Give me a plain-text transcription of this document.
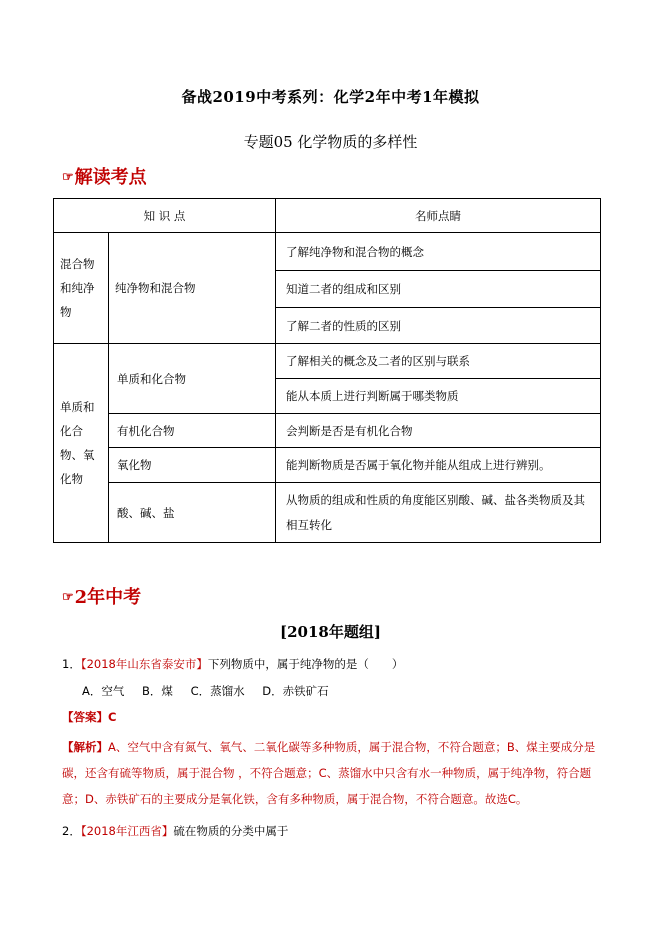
备战2019中考系列：化学2年中考1年模拟
专题05 化学物质的多样性
☞解读考点
知 识 点		名师点睛
混合物和纯净物	纯净物和混合物	了解纯净物和混合物的概念
		知道二者的组成和区别
		了解二者的性质的区别
单质和化合物、氧化物	单质和化合物	了解相关的概念及二者的区别与联系
		能从本质上进行判断属于哪类物质
	有机化合物	会判断是否是有机化合物
	氧化物	能判断物质是否属于氧化物并能从组成上进行辨别。
	酸、碱、盐	从物质的组成和性质的角度能区别酸、碱、盐各类物质及其相互转化
☞2年中考
[2018年题组]
1．【2018年山东省泰安市】下列物质中，属于纯净物的是（　　）
A．空气 B．煤 C．蒸馏水 D．赤铁矿石
【答案】C
【解析】A、空气中含有氮气、氧气、二氧化碳等多种物质，属于混合物，不符合题意；B、煤主要成分是碳，还含有硫等物质，属于混合物 ，不符合题意；C、蒸馏水中只含有水一种物质，属于纯净物，符合题意；D、赤铁矿石的主要成分是氧化铁，含有多种物质，属于混合物，不符合题意。故选C。
2．【2018年江西省】硫在物质的分类中属于
